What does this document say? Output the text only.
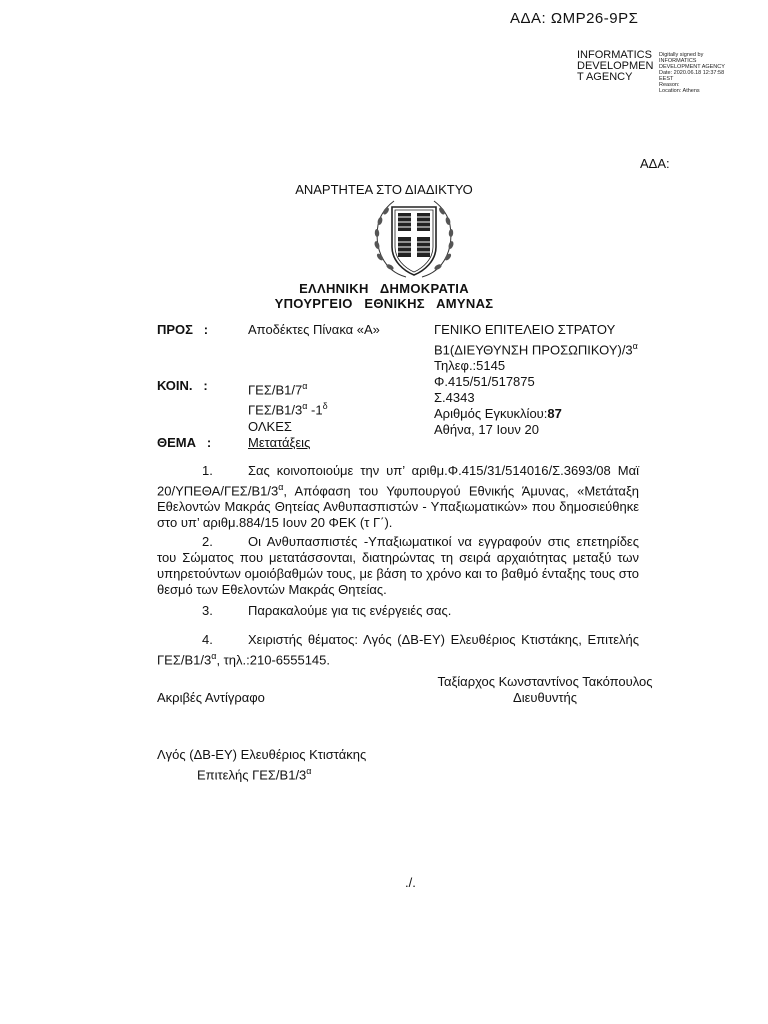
ΑΔΑ: ΩΜΡ26-9ΡΣ
INFORMATICS
DEVELOPMEN
T AGENCY
Digitally signed by
INFORMATICS
DEVELOPMENT AGENCY
Date: 2020.06.18 12:37:58
EEST
Reason:
Location: Athens
ΑΔΑ:
ΑΝΑΡΤΗΤΕΑ ΣΤΟ ΔΙΑΔΙΚΤΥΟ
ΕΛΛΗΝΙΚΗ   ΔΗΜΟΚΡΑΤΙΑ
ΥΠΟΥΡΓΕΙΟ   ΕΘΝΙΚΗΣ   ΑΜΥΝΑΣ
ΠΡΟΣ   :	Αποδέκτες Πίνακα «Α»	ΓΕΝΙΚΟ ΕΠΙΤΕΛΕΙΟ ΣΤΡΑΤΟΥ
Β1(ΔΙΕΥΘΥΝΣΗ $\Pi PO\Sigma\Omega\Pi IKO\Upsilon)/3^\alpha$
Τηλεφ.:5145
Φ.415/51/517875
Σ.4343
Αριθμός Εγκυκλίου:87
Αθήνα, 17 Ιουν 20
ΚΟΙΝ.   :	ΓΕΣ/$B1/7^\alpha$
ΓΕΣ/$B1/3^\alpha$ $-1^\delta$
ΟΛΚΕΣ
ΘΕΜΑ   :	Μετατάξεις
1.	Σας κοινοποιούμε την υπ’ αριθμ.Φ.415/31/514016/Σ.3693/08 Μαϊ $20/\Upsilon\Pi E\Theta A/\Gamma E\Sigma/B1/3^\alpha$, Απόφαση του Υφυπουργού Εθνικής Άμυνας, «Μετάταξη Εθελοντών Μακράς Θητείας Ανθυπασπιστών - Υπαξιωματικών» που δημοσιεύθηκε στο υπ’ αριθμ.884/15 Ιουν 20 ΦΕΚ (τ Γ΄).
2.	Οι Ανθυπασπιστές -Υπαξιωματικοί να εγγραφούν στις επετηρίδες του Σώματος που μετατάσσονται, διατηρώντας τη σειρά αρχαιότητας μεταξύ των υπηρετούντων ομοιόβαθμών τους, με βάση το χρόνο και το βαθμό ένταξης τους στο θεσμό των Εθελοντών Μακράς Θητείας.
3.	Παρακαλούμε για τις ενέργειές σας.
4.	Χειριστής θέματος: Λγός (ΔΒ-ΕΥ) Ελευθέριος Κτιστάκης, Επιτελής ΓΕΣ/$B1/3^\alpha$, τηλ.:210-6555145.
Ταξίαρχος Κωνσταντίνος Τακόπουλος
Διευθυντής
Ακριβές Αντίγραφο
Λγός (ΔΒ-ΕΥ) Ελευθέριος Κτιστάκης
Επιτελής ΓΕΣ/$B1/3^\alpha$
./.
